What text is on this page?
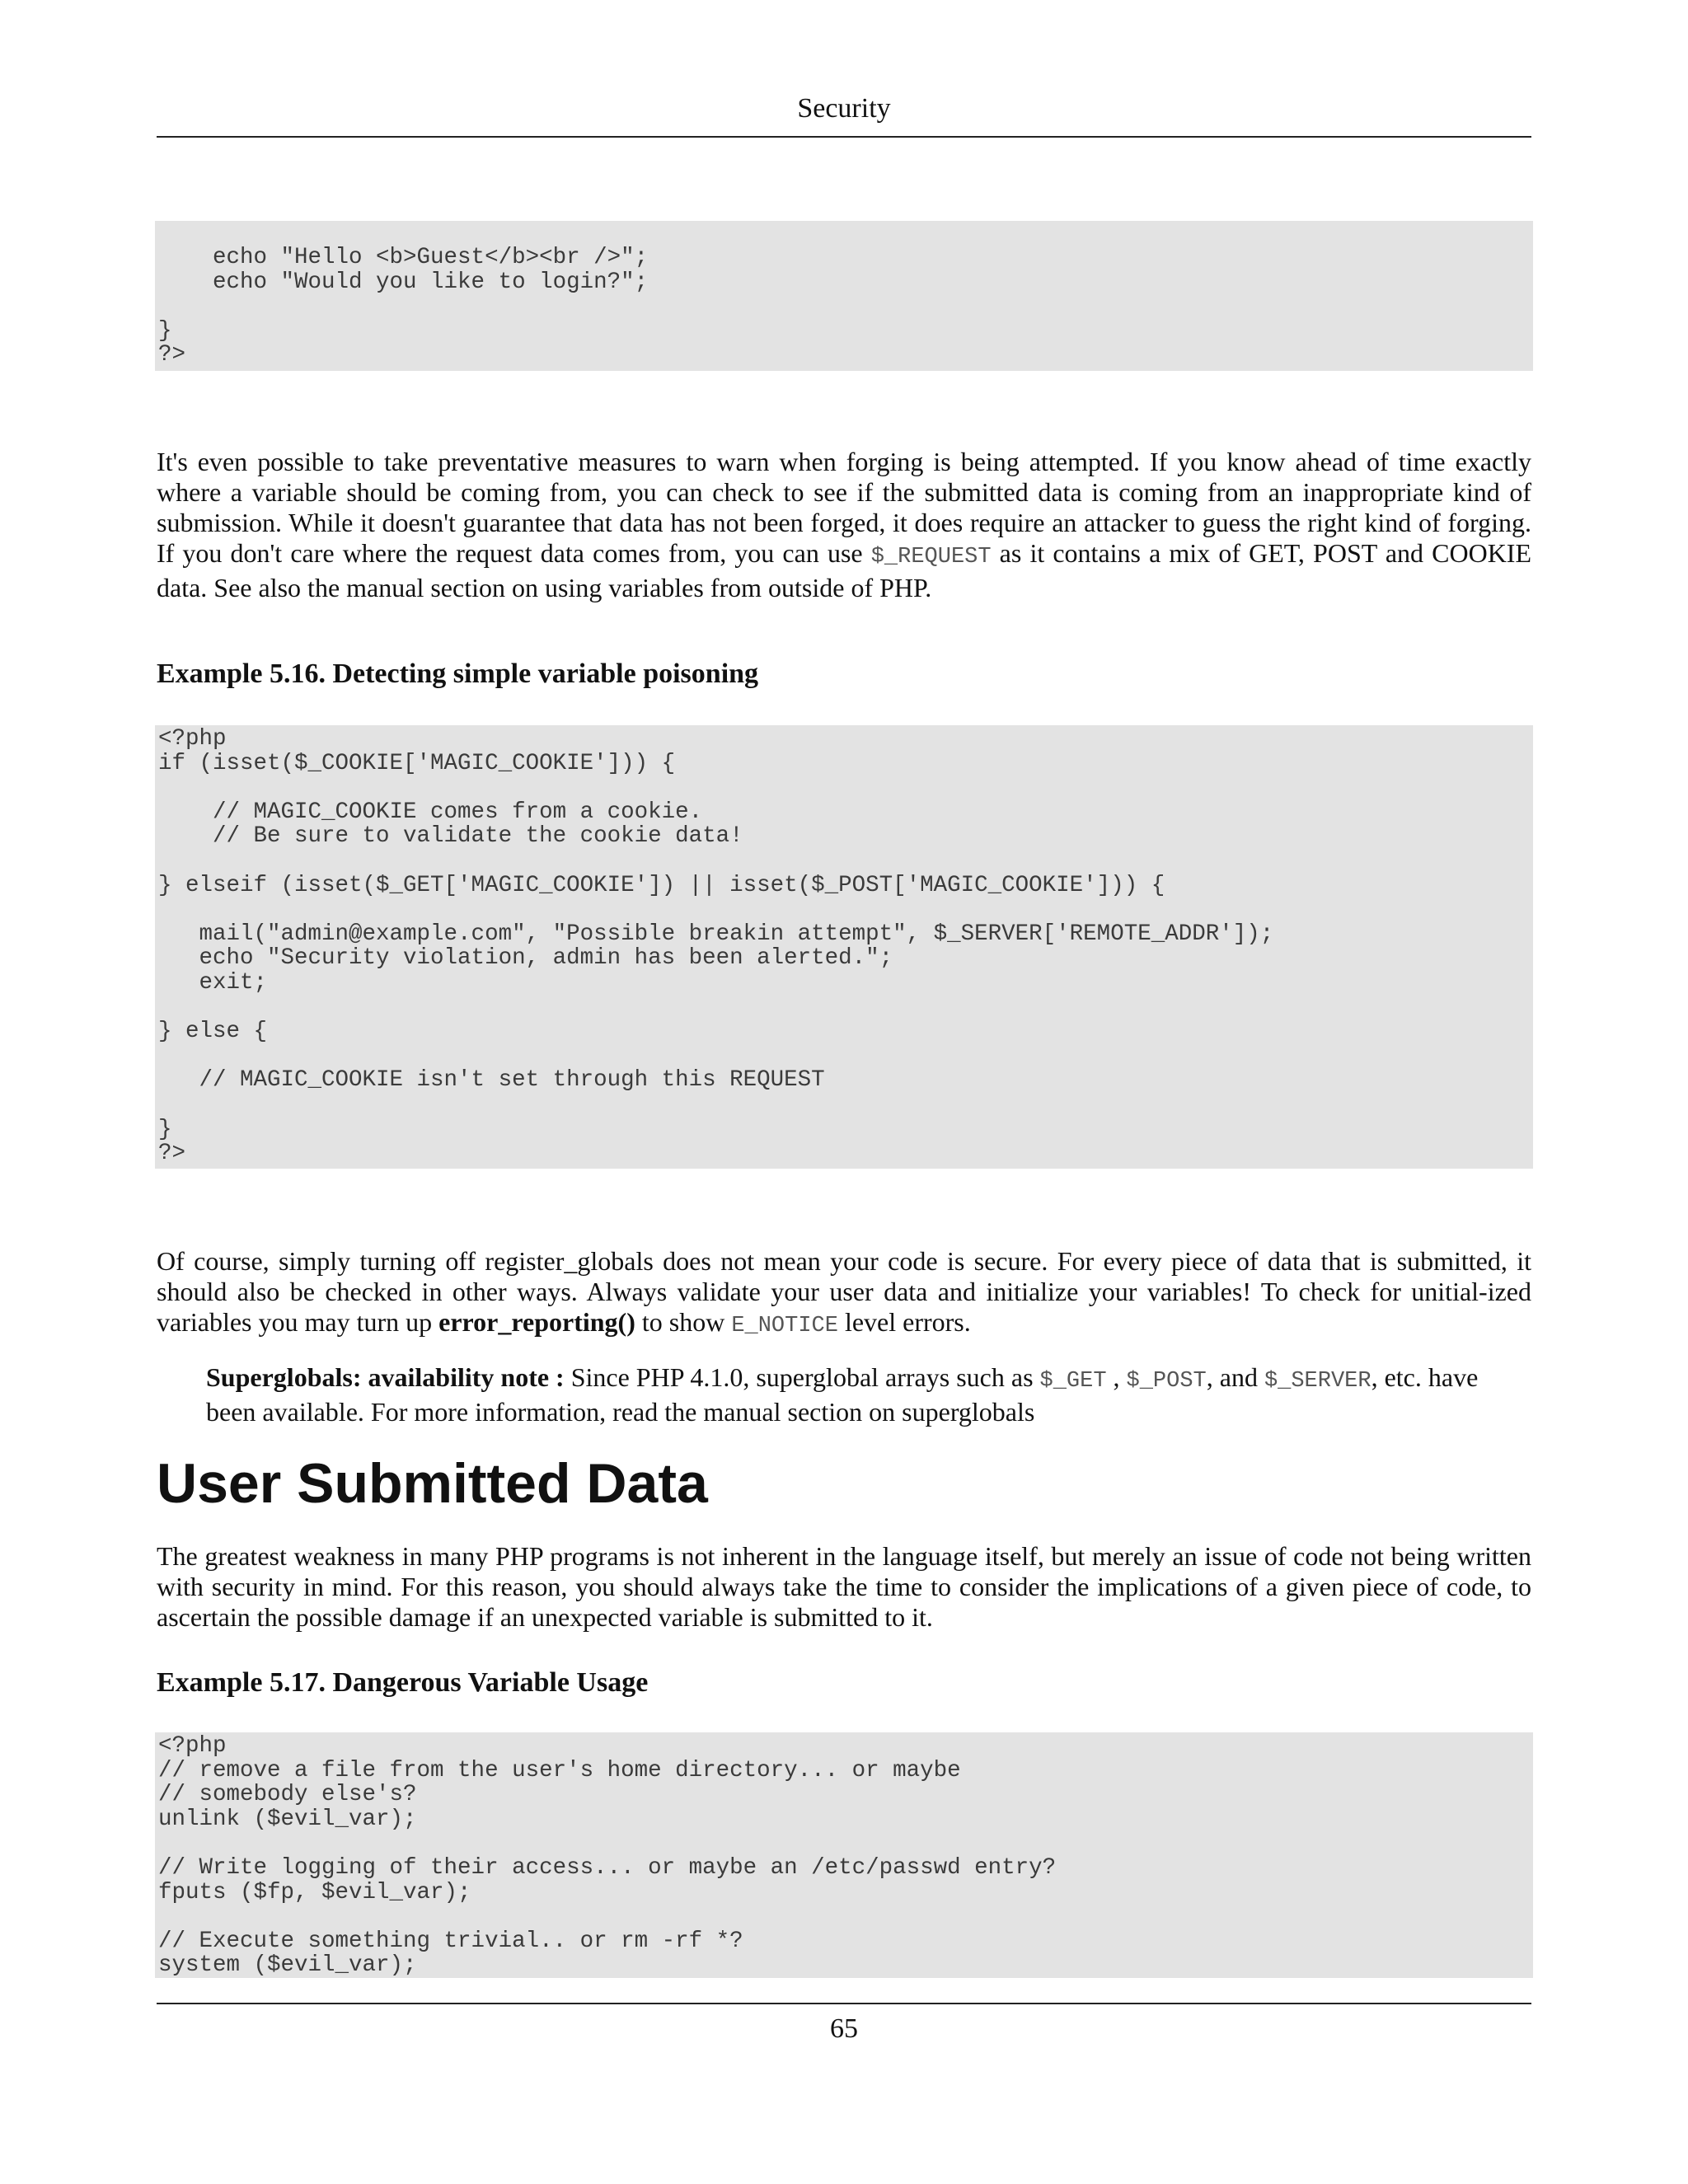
Security
echo "Hello <b>Guest</b><br />";
echo "Would you like to login?";

}
?>

It's even possible to take preventative measures to warn when forging is being attempted. If you know ahead of time exactly where a variable should be coming from, you can check to see if the submitted data is coming from an inappropriate kind of submission. While it doesn't guarantee that data has not been forged, it does require an attacker to guess the right kind of forging. If you don't care where the request data comes from, you can use $_REQUEST as it contains a mix of GET, POST and COOKIE data. See also the manual section on using variables from outside of PHP.

Example 5.16. Detecting simple variable poisoning
<?php
if (isset($_COOKIE['MAGIC_COOKIE'])) {

// MAGIC_COOKIE comes from a cookie.
// Be sure to validate the cookie data!

} elseif (isset($_GET['MAGIC_COOKIE']) || isset($_POST['MAGIC_COOKIE'])) {

mail("admin@example.com", "Possible breakin attempt", $_SERVER['REMOTE_ADDR']);
echo "Security violation, admin has been alerted.";
exit;

} else {

// MAGIC_COOKIE isn't set through this REQUEST

}
?>

Of course, simply turning off register_globals does not mean your code is secure. For every piece of data that is submitted, it should also be checked in other ways. Always validate your user data and initialize your variables! To check for unitial-ized variables you may turn up error_reporting() to show E_NOTICE level errors.

Superglobals: availability note : Since PHP 4.1.0, superglobal arrays such as $_GET , $_POST, and $_SERVER, etc. have been available. For more information, read the manual section on superglobals

User Submitted Data

The greatest weakness in many PHP programs is not inherent in the language itself, but merely an issue of code not being written with security in mind. For this reason, you should always take the time to consider the implications of a given piece of code, to ascertain the possible damage if an unexpected variable is submitted to it.

Example 5.17. Dangerous Variable Usage
<?php
// remove a file from the user's home directory... or maybe
// somebody else's?
unlink ($evil_var);

// Write logging of their access... or maybe an /etc/passwd entry?
fputs ($fp, $evil_var);

// Execute something trivial.. or rm -rf *?
system ($evil_var);
65
